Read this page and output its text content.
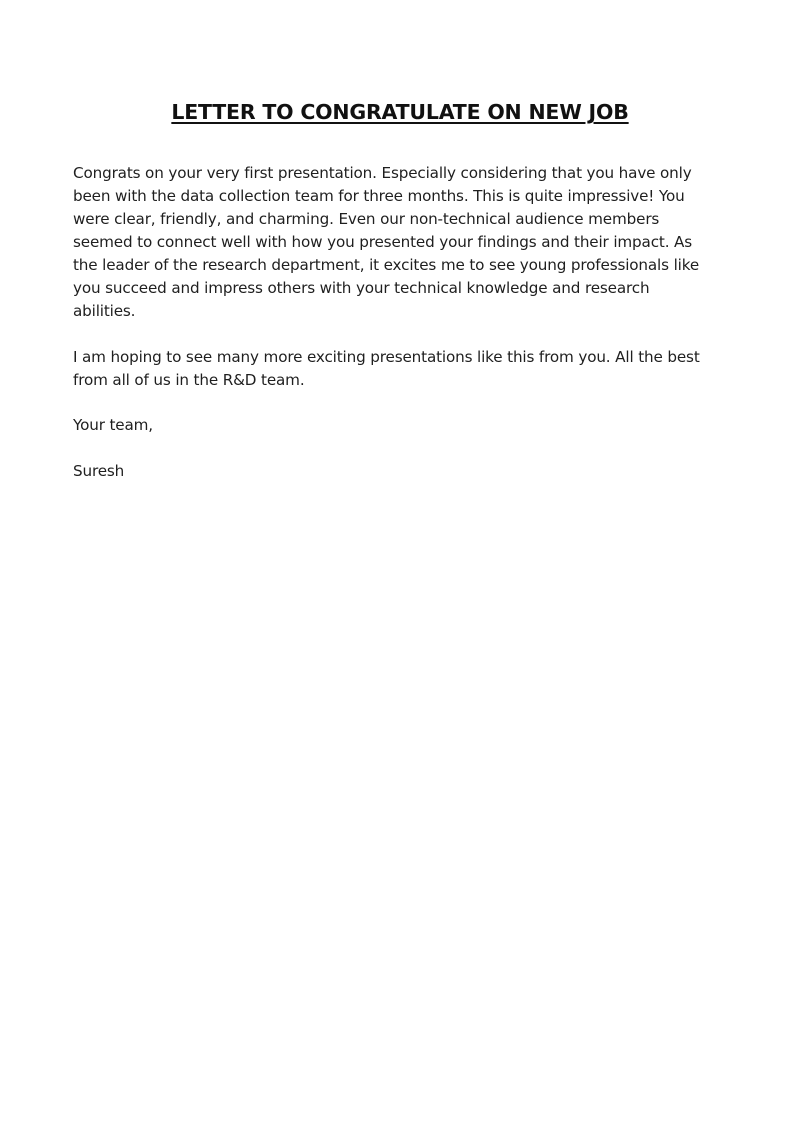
LETTER TO CONGRATULATE ON NEW JOB

Congrats on your very first presentation. Especially considering that you have only
been with the data collection team for three months. This is quite impressive! You
were clear, friendly, and charming. Even our non-technical audience members
seemed to connect well with how you presented your findings and their impact. As
the leader of the research department, it excites me to see young professionals like
you succeed and impress others with your technical knowledge and research
abilities.

I am hoping to see many more exciting presentations like this from you. All the best
from all of us in the R&D team.

Your team,

Suresh
